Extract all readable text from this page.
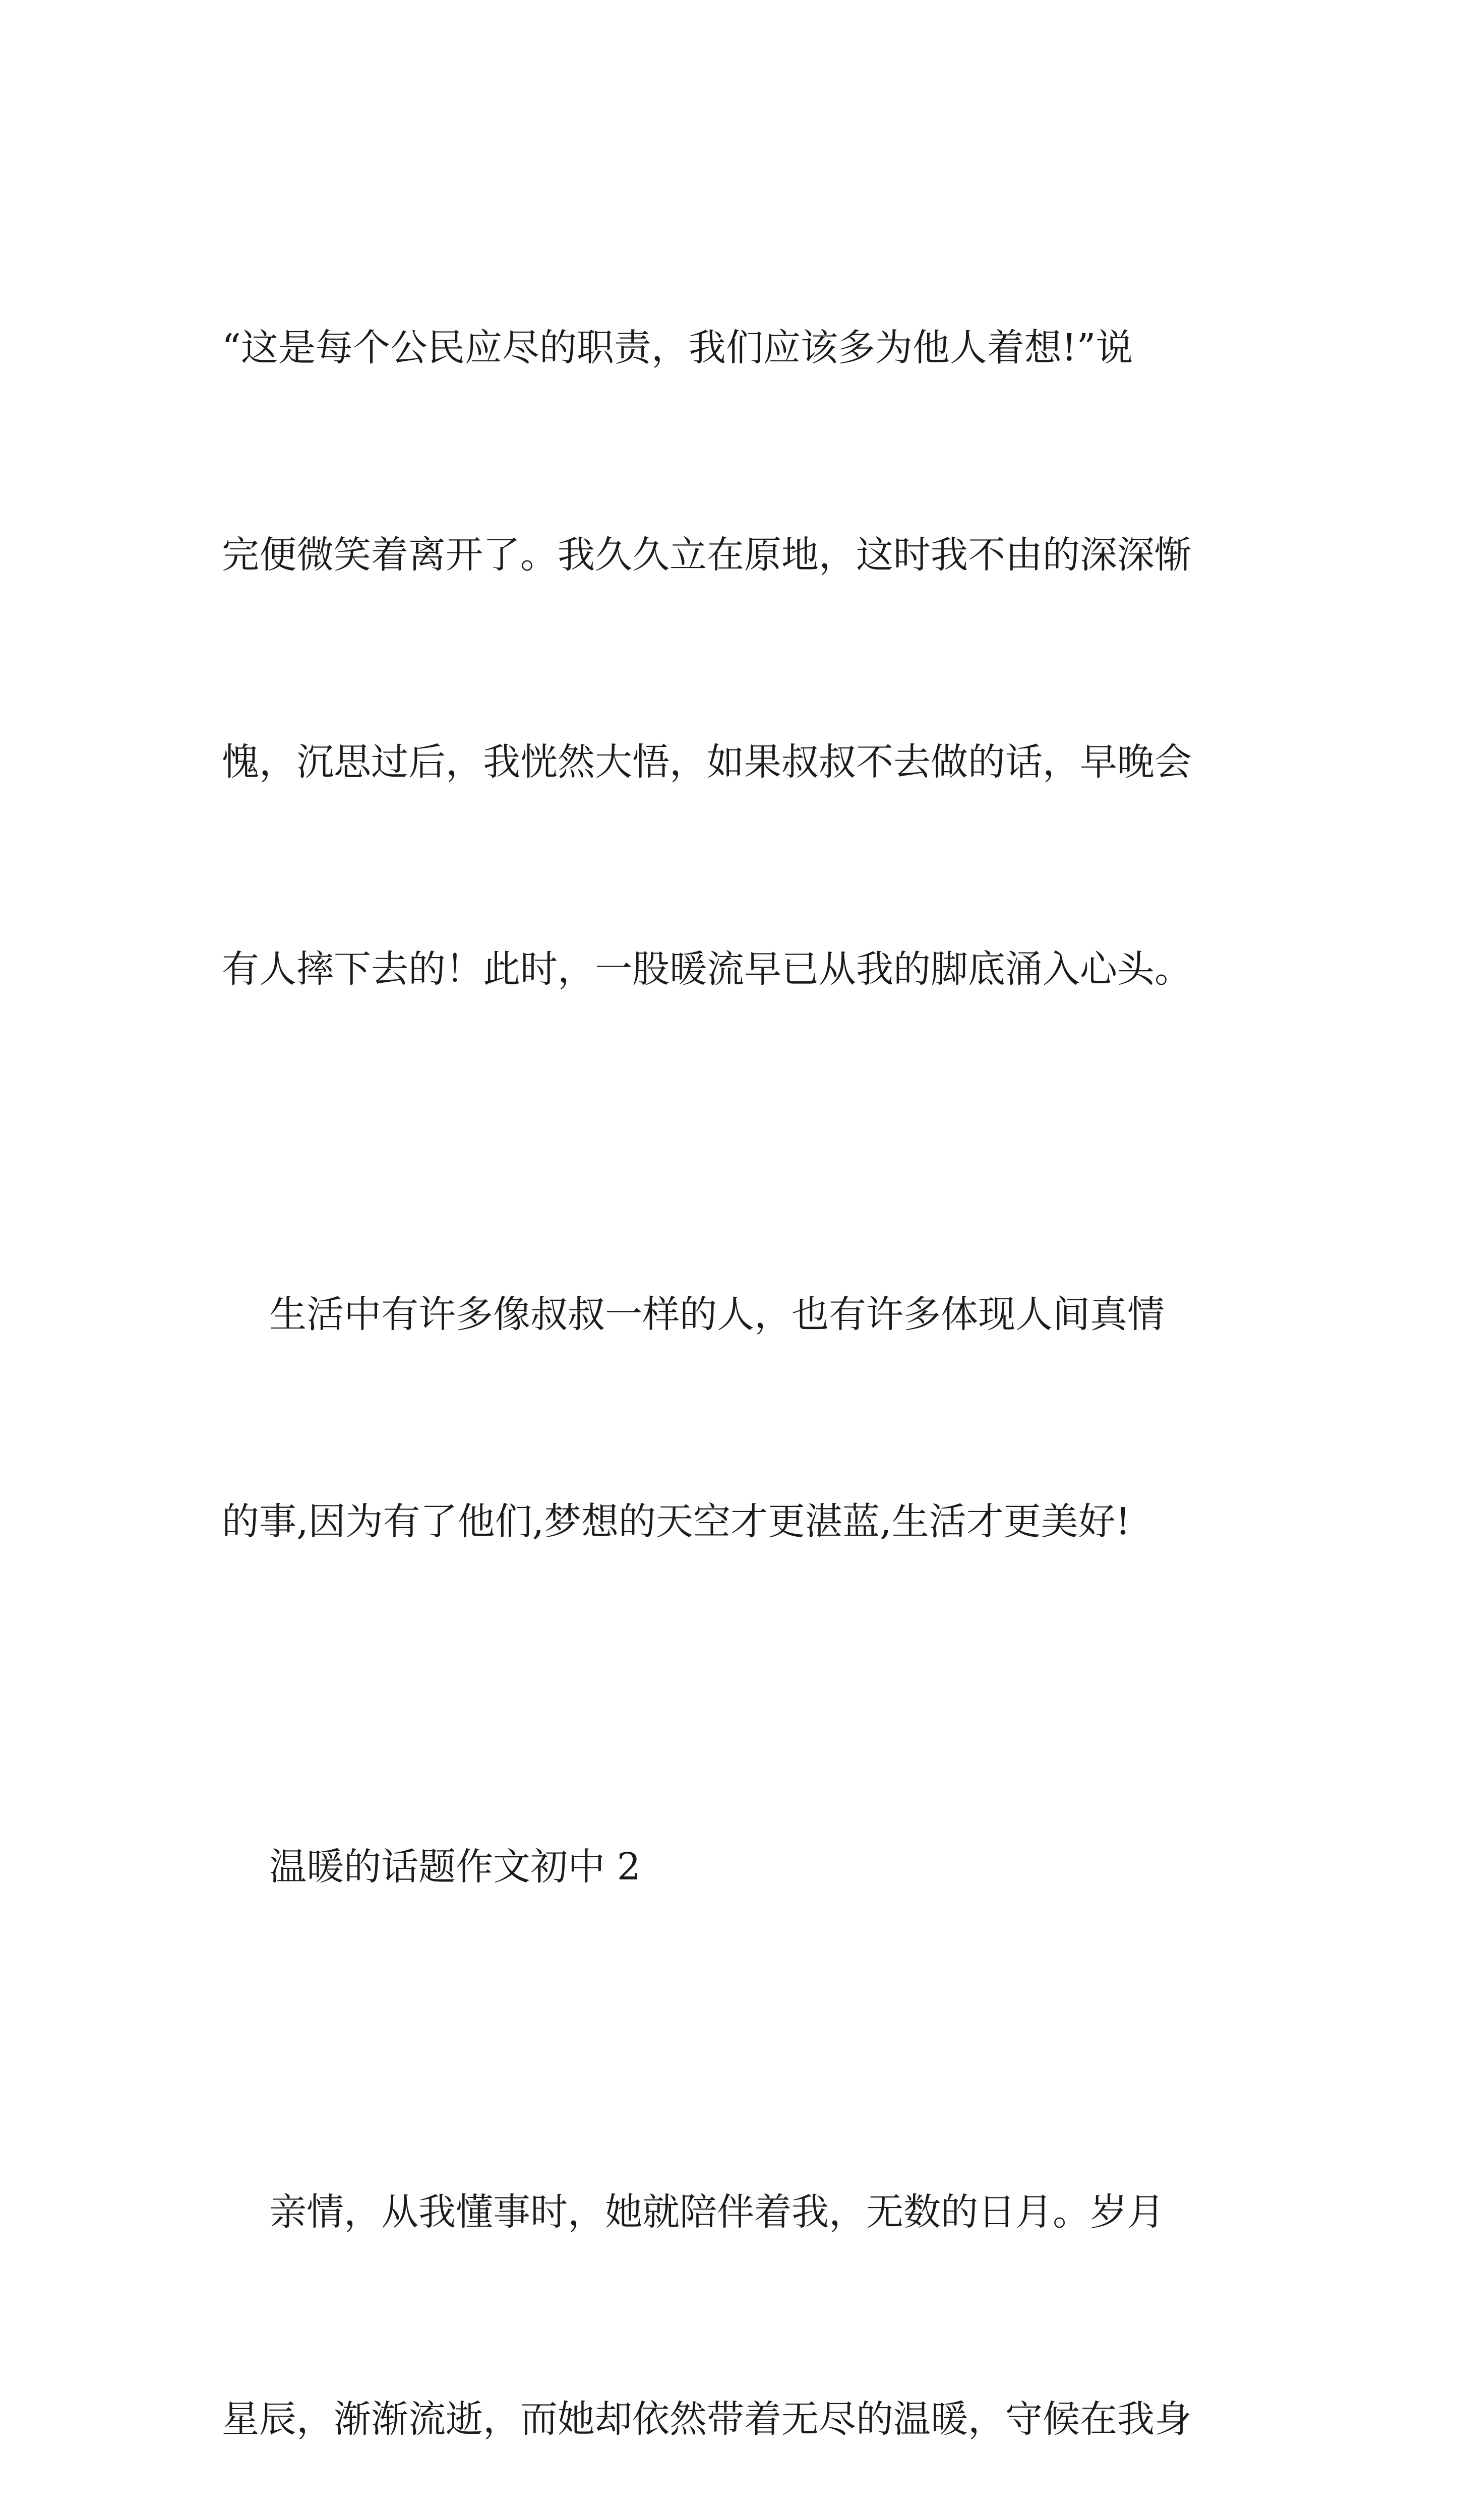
“这是每个公民应尽的职责，我们应该多为他人着想!”说

完便微笑着离开了。我久久立在原地，这时我不由的深深惭

愧，沉思过后，我恍然大悟，如果叔叔不去做的话，早晚会

有人摔下去的！此时，一股暖流早已从我的脚底涌入心头。

生活中有许多像叔叔一样的人，也有许多体现人间真情

的事,因为有了他们,梦想的天空才更湛蓝,生活才更美好!

温暖的话题作文初中 2

亲情，从我懂事时，她就陪伴着我，无数的日月。岁月

星辰，渐渐流逝，而她却依然带着无尽的温暖，守候在我身
